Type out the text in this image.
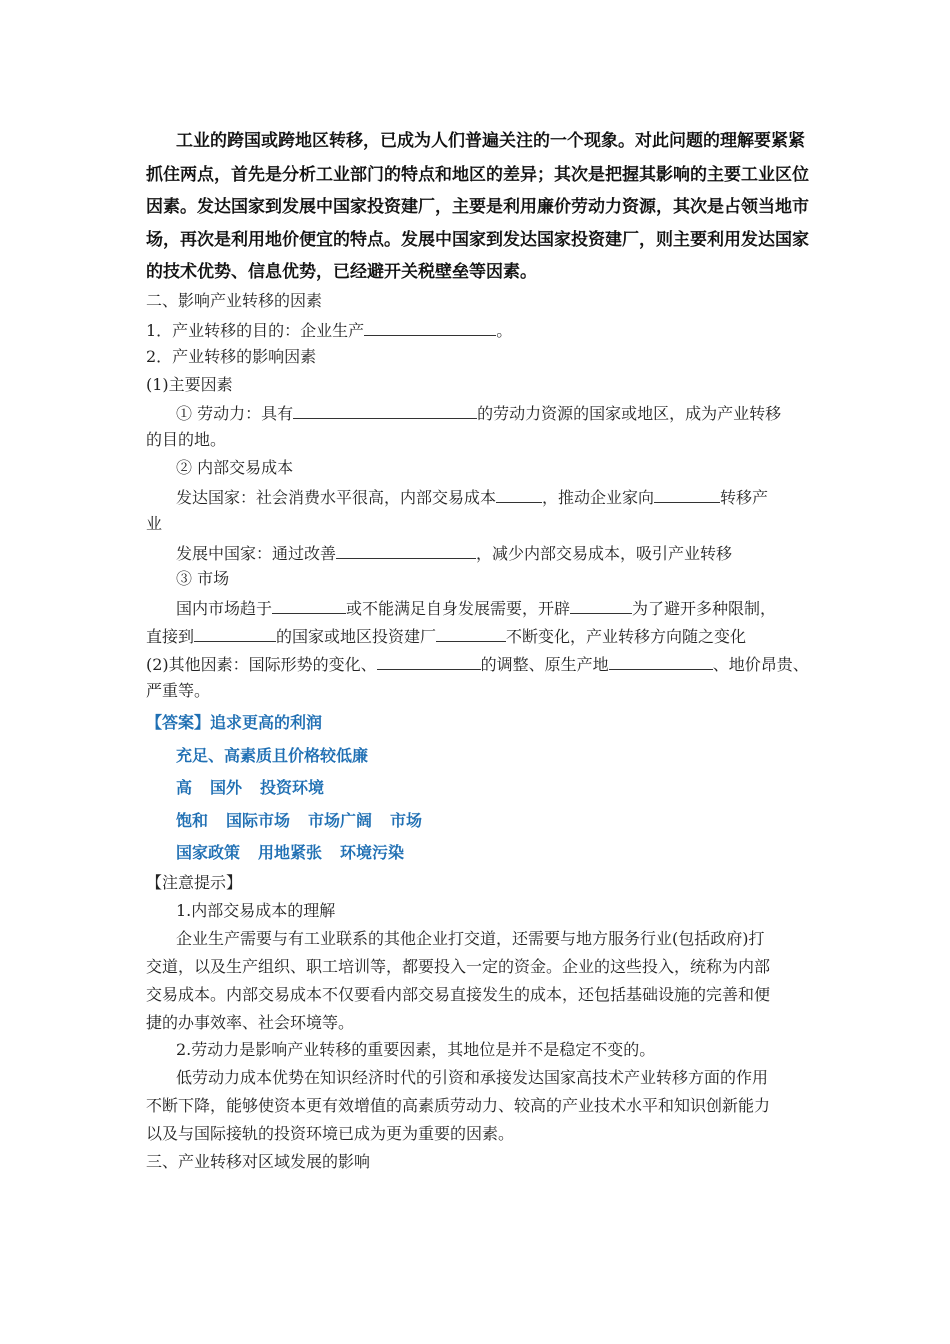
工业的跨国或跨地区转移，已成为人们普遍关注的一个现象。对此问题的理解要紧紧
抓住两点，首先是分析工业部门的特点和地区的差异；其次是把握其影响的主要工业区位
因素。发达国家到发展中国家投资建厂，主要是利用廉价劳动力资源，其次是占领当地市
场，再次是利用地价便宜的特点。发展中国家到发达国家投资建厂，则主要利用发达国家
的技术优势、信息优势，已经避开关税壁垒等因素。
二、影响产业转移的因素
1．产业转移的目的：企业生产	。
2．产业转移的影响因素
(1)主要因素
① 劳动力：具有	的劳动力资源的国家或地区，成为产业转移
的目的地。
② 内部交易成本
发达国家：社会消费水平很高，内部交易成本	，推动企业家向	转移产
业
发展中国家：通过改善	，减少内部交易成本，吸引产业转移
③ 市场
国内市场趋于	或不能满足自身发展需要，开辟	为了避开多种限制，
直接到	的国家或地区投资建厂	不断变化，产业转移方向随之变化
(2)其他因素：国际形势的变化、	的调整、原生产地	、地价昂贵、
严重等。
【答案】追求更高的利润
充足、高素质且价格较低廉
高 国外 投资环境
饱和 国际市场 市场广阔 市场
国家政策 用地紧张 环境污染
【注意提示】
1.内部交易成本的理解
企业生产需要与有工业联系的其他企业打交道，还需要与地方服务行业(包括政府)打
交道，以及生产组织、职工培训等，都要投入一定的资金。企业的这些投入，统称为内部
交易成本。内部交易成本不仅要看内部交易直接发生的成本，还包括基础设施的完善和便
捷的办事效率、社会环境等。
2.劳动力是影响产业转移的重要因素，其地位是并不是稳定不变的。
低劳动力成本优势在知识经济时代的引资和承接发达国家高技术产业转移方面的作用
不断下降，能够使资本更有效增值的高素质劳动力、较高的产业技术水平和知识创新能力
以及与国际接轨的投资环境已成为更为重要的因素。
三、产业转移对区域发展的影响
